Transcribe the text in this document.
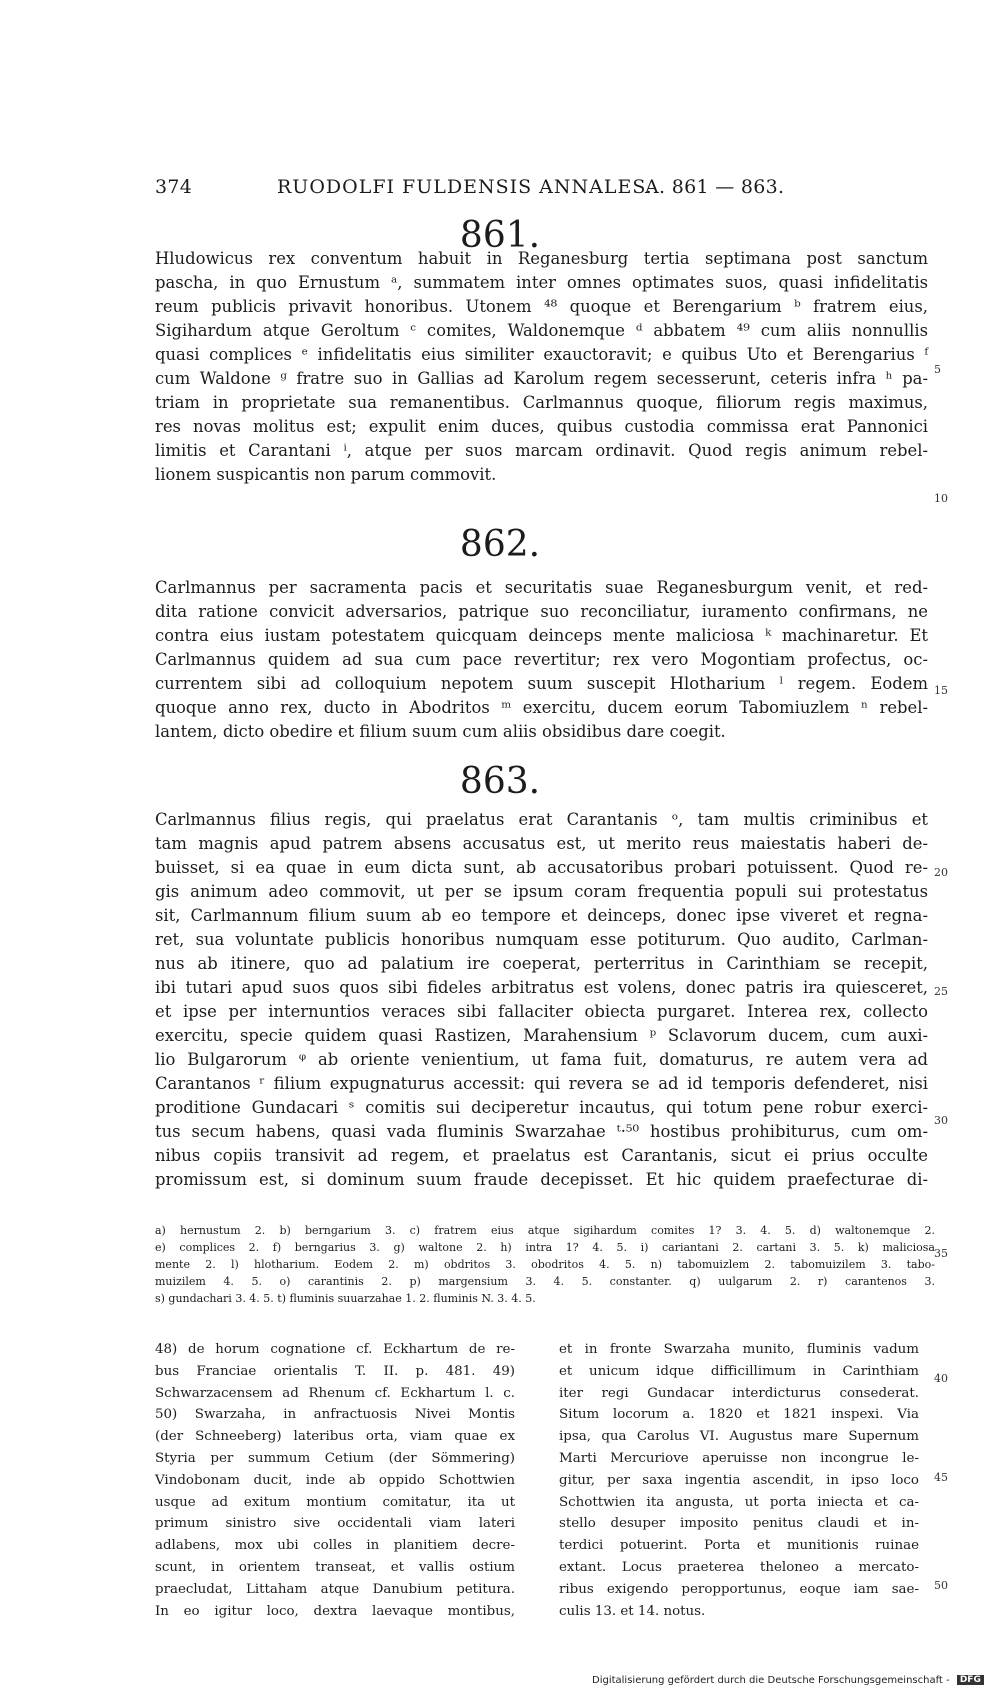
374	RUODOLFI FULDENSIS ANNALES.
A. 861 — 863.
861.
Hludowicus rex conventum habuit in Reganesburg tertia septimana post sanctum
pascha, in quo Ernustum ᵃ, summatem inter omnes optimates suos, quasi infidelitatis
reum publicis privavit honoribus. Utonem ⁴⁸ quoque et Berengarium ᵇ fratrem eius,
Sigihardum atque Geroltum ᶜ comites, Waldonemque ᵈ abbatem ⁴⁹ cum aliis nonnullis
quasi complices ᵉ infidelitatis eius similiter exauctoravit; e quibus Uto et Berengarius ᶠ
cum Waldone ᵍ fratre suo in Gallias ad Karolum regem secesserunt, ceteris infra ʰ pa-
triam in proprietate sua remanentibus. Carlmannus quoque, filiorum regis maximus,
res novas molitus est; expulit enim duces, quibus custodia commissa erat Pannonici
limitis et Carantani ⁱ, atque per suos marcam ordinavit. Quod regis animum rebel-
lionem suspicantis non parum commovit.
862.
Carlmannus per sacramenta pacis et securitatis suae Reganesburgum venit, et red-
dita ratione convicit adversarios, patrique suo reconciliatur, iuramento confirmans, ne
contra eius iustam potestatem quicquam deinceps mente maliciosa ᵏ machinaretur. Et
Carlmannus quidem ad sua cum pace revertitur; rex vero Mogontiam profectus, oc-
currentem sibi ad colloquium nepotem suum suscepit Hlotharium ˡ regem. Eodem
quoque anno rex, ducto in Abodritos ᵐ exercitu, ducem eorum Tabomiuzlem ⁿ rebel-
lantem, dicto obedire et filium suum cum aliis obsidibus dare coegit.
863.
Carlmannus filius regis, qui praelatus erat Carantanis ᵒ, tam multis criminibus et
tam magnis apud patrem absens accusatus est, ut merito reus maiestatis haberi de-
buisset, si ea quae in eum dicta sunt, ab accusatoribus probari potuissent. Quod re-
gis animum adeo commovit, ut per se ipsum coram frequentia populi sui protestatus
sit, Carlmannum filium suum ab eo tempore et deinceps, donec ipse viveret et regna-
ret, sua voluntate publicis honoribus numquam esse potiturum. Quo audito, Carlman-
nus ab itinere, quo ad palatium ire coeperat, perterritus in Carinthiam se recepit,
ibi tutari apud suos quos sibi fideles arbitratus est volens, donec patris ira quiesceret,
et ipse per internuntios veraces sibi fallaciter obiecta purgaret. Interea rex, collecto
exercitu, specie quidem quasi Rastizen, Marahensium ᵖ Sclavorum ducem, cum auxi-
lio Bulgarorum ᵠ ab oriente venientium, ut fama fuit, domaturus, re autem vera ad
Carantanos ʳ filium expugnaturus accessit: qui revera se ad id temporis defenderet, nisi
proditione Gundacari ˢ comitis sui deciperetur incautus, qui totum pene robur exerci-
tus secum habens, quasi vada fluminis Swarzahae ᵗ·⁵⁰ hostibus prohibiturus, cum om-
nibus copiis transivit ad regem, et praelatus est Carantanis, sicut ei prius occulte
promissum est, si dominum suum fraude decepisset. Et hic quidem praefecturae di-
5
10
15
20
25
30
35
40
45
50
a) hernustum 2. b) berngarium 3. c) fratrem eius atque sigihardum comites 1? 3. 4. 5. d) waltonemque 2.
e) complices 2. f) berngarius 3. g) waltone 2. h) intra 1? 4. 5. i) cariantani 2. cartani 3. 5. k) maliciosa
mente 2. l) hlotharium. Eodem 2. m) obdritos 3. obodritos 4. 5. n) tabomuizlem 2. tabomuizilem 3. tabo-
muizilem 4. 5. o) carantinis 2. p) margensium 3. 4. 5. constanter. q) uulgarum 2. r) carantenos 3.
s) gundachari 3. 4. 5. t) fluminis suuarzahae 1. 2. fluminis N. 3. 4. 5.
48) de horum cognatione cf. Eckhartum de re-
bus Franciae orientalis T. II. p. 481. 49)
Schwarzacensem ad Rhenum cf. Eckhartum l. c.
50) Swarzaha, in anfractuosis Nivei Montis
(der Schneeberg) lateribus orta, viam quae ex
Styria per summum Cetium (der Sömmering)
Vindobonam ducit, inde ab oppido Schottwien
usque ad exitum montium comitatur, ita ut
primum sinistro sive occidentali viam lateri
adlabens, mox ubi colles in planitiem decre-
scunt, in orientem transeat, et vallis ostium
praecludat, Littaham atque Danubium petitura.
In eo igitur loco, dextra laevaque montibus,
et in fronte Swarzaha munito, fluminis vadum
et unicum idque difficillimum in Carinthiam
iter regi Gundacar interdicturus consederat.
Situm locorum a. 1820 et 1821 inspexi. Via
ipsa, qua Carolus VI. Augustus mare Supernum
Marti Mercuriove aperuisse non incongrue le-
gitur, per saxa ingentia ascendit, in ipso loco
Schottwien ita angusta, ut porta iniecta et ca-
stello desuper imposito penitus claudi et in-
terdici potuerint. Porta et munitionis ruinae
extant. Locus praeterea theloneo a mercato-
ribus exigendo peropportunus, eoque iam sae-
culis 13. et 14. notus.
Digitalisierung gefördert durch die Deutsche Forschungsgemeinschaft - DFG
